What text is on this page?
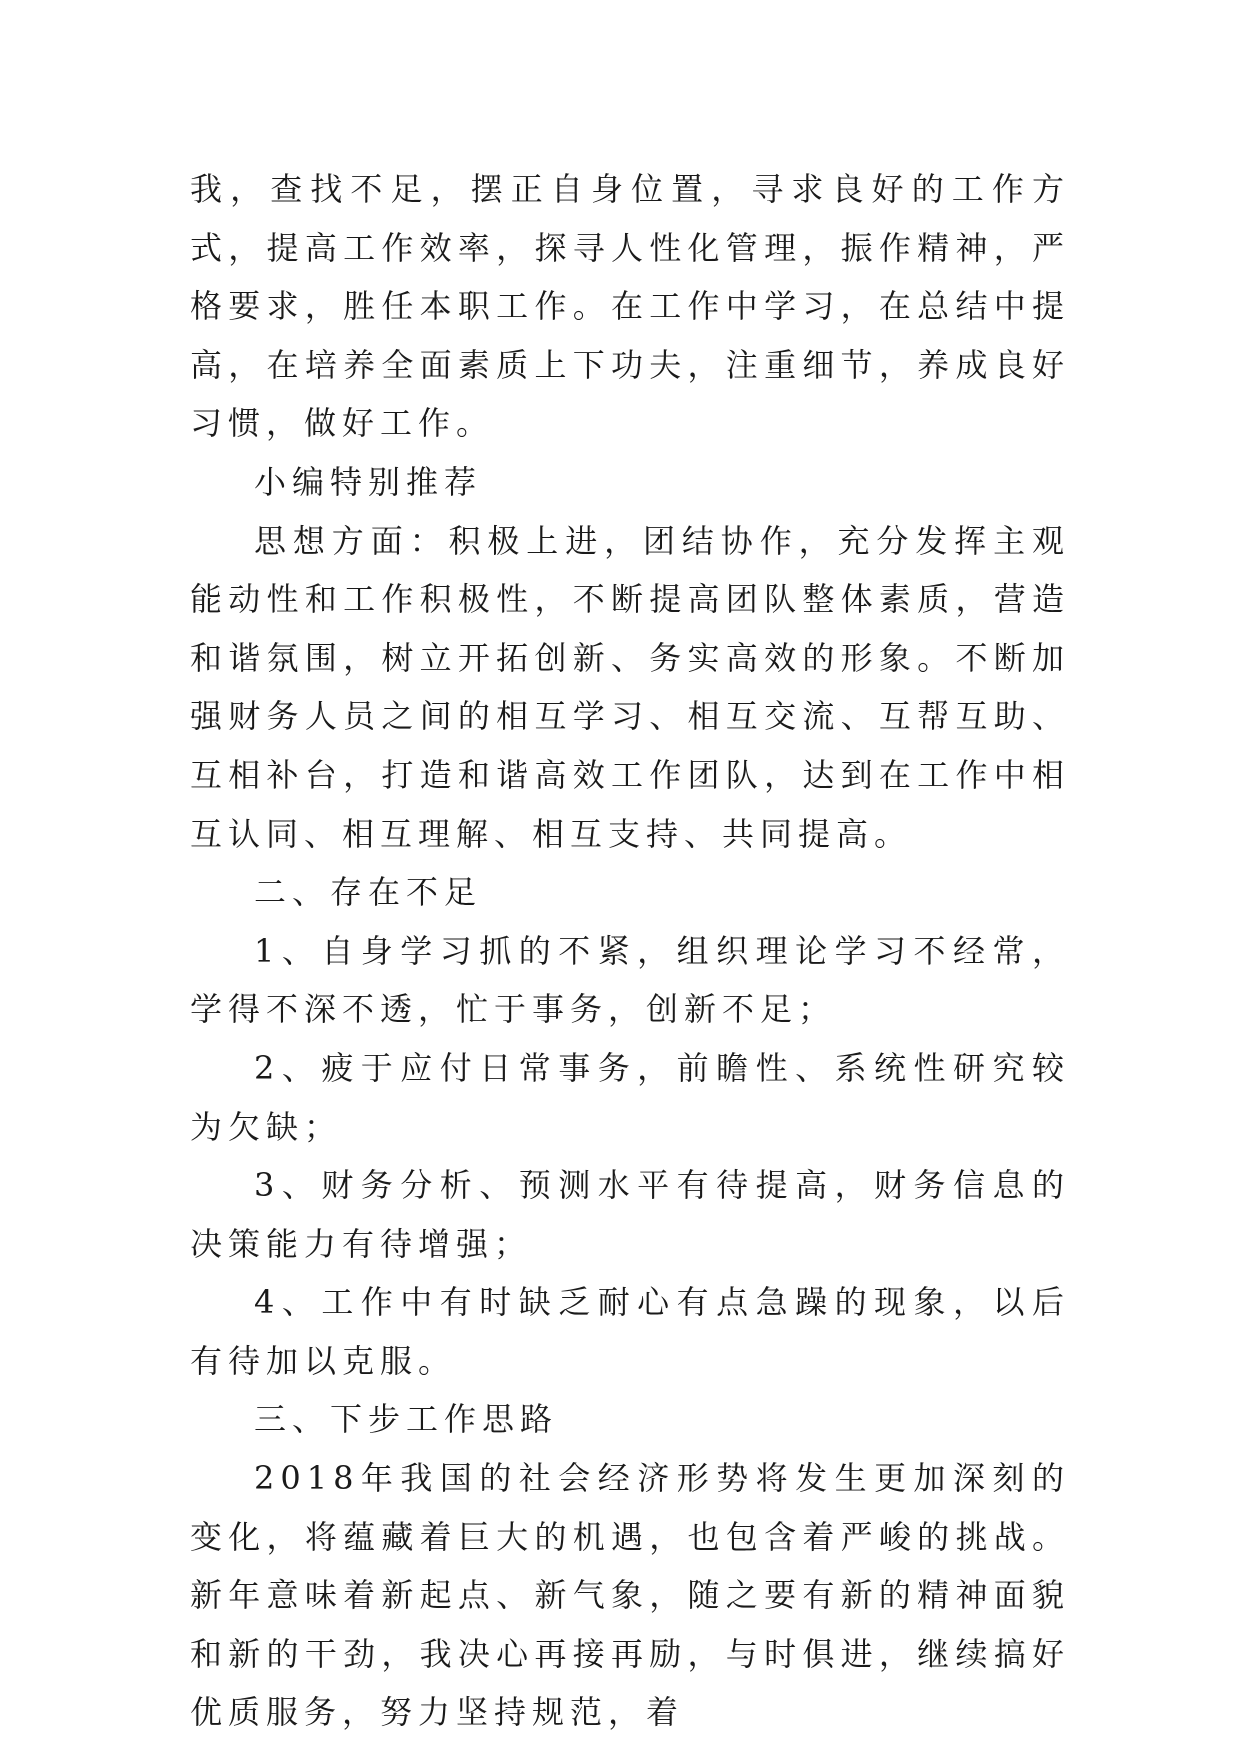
我，查找不足，摆正自身位置，寻求良好的工作方式，提高工作效率，探寻人性化管理，振作精神，严格要求，胜任本职工作。在工作中学习，在总结中提高，在培养全面素质上下功夫，注重细节，养成良好习惯，做好工作。

小编特别推荐

思想方面：积极上进，团结协作，充分发挥主观能动性和工作积极性，不断提高团队整体素质，营造和谐氛围，树立开拓创新、务实高效的形象。不断加强财务人员之间的相互学习、相互交流、互帮互助、互相补台，打造和谐高效工作团队，达到在工作中相互认同、相互理解、相互支持、共同提高。

二、存在不足

1、自身学习抓的不紧，组织理论学习不经常，学得不深不透，忙于事务，创新不足；

2、疲于应付日常事务，前瞻性、系统性研究较为欠缺；

3、财务分析、预测水平有待提高，财务信息的决策能力有待增强；

4、工作中有时缺乏耐心有点急躁的现象，以后有待加以克服。

三、下步工作思路

2018年我国的社会经济形势将发生更加深刻的变化，将蕴藏着巨大的机遇，也包含着严峻的挑战。新年意味着新起点、新气象，随之要有新的精神面貌和新的干劲，我决心再接再励，与时俱进，继续搞好优质服务，努力坚持规范，着
